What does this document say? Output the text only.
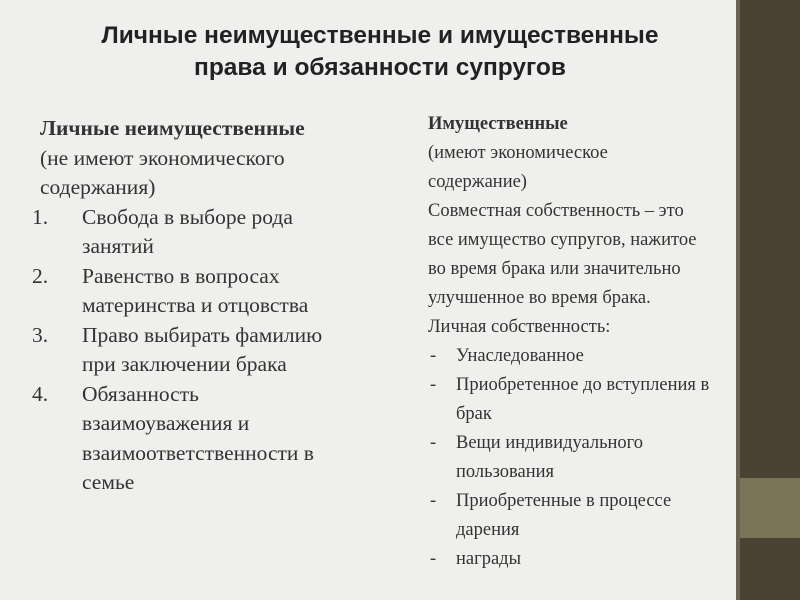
Личные неимущественные и имущественные
права и обязанности супругов
Личные неимущественные
(не имеют экономического
содержания)
1. Свобода в выборе рода
занятий
2. Равенство в вопросах
материнства и отцовства
3. Право выбирать фамилию
при заключении брака
4. Обязанность
взаимоуважения и
взаимоответственности в
семье
Имущественные
(имеют экономическое
содержание)
Совместная собственность – это
все имущество супругов, нажитое
во время брака или значительно
улучшенное во время брака.
Личная собственность:
- Унаследованное
- Приобретенное до вступления в
брак
- Вещи индивидуального
пользования
- Приобретенные в процессе
дарения
- награды
